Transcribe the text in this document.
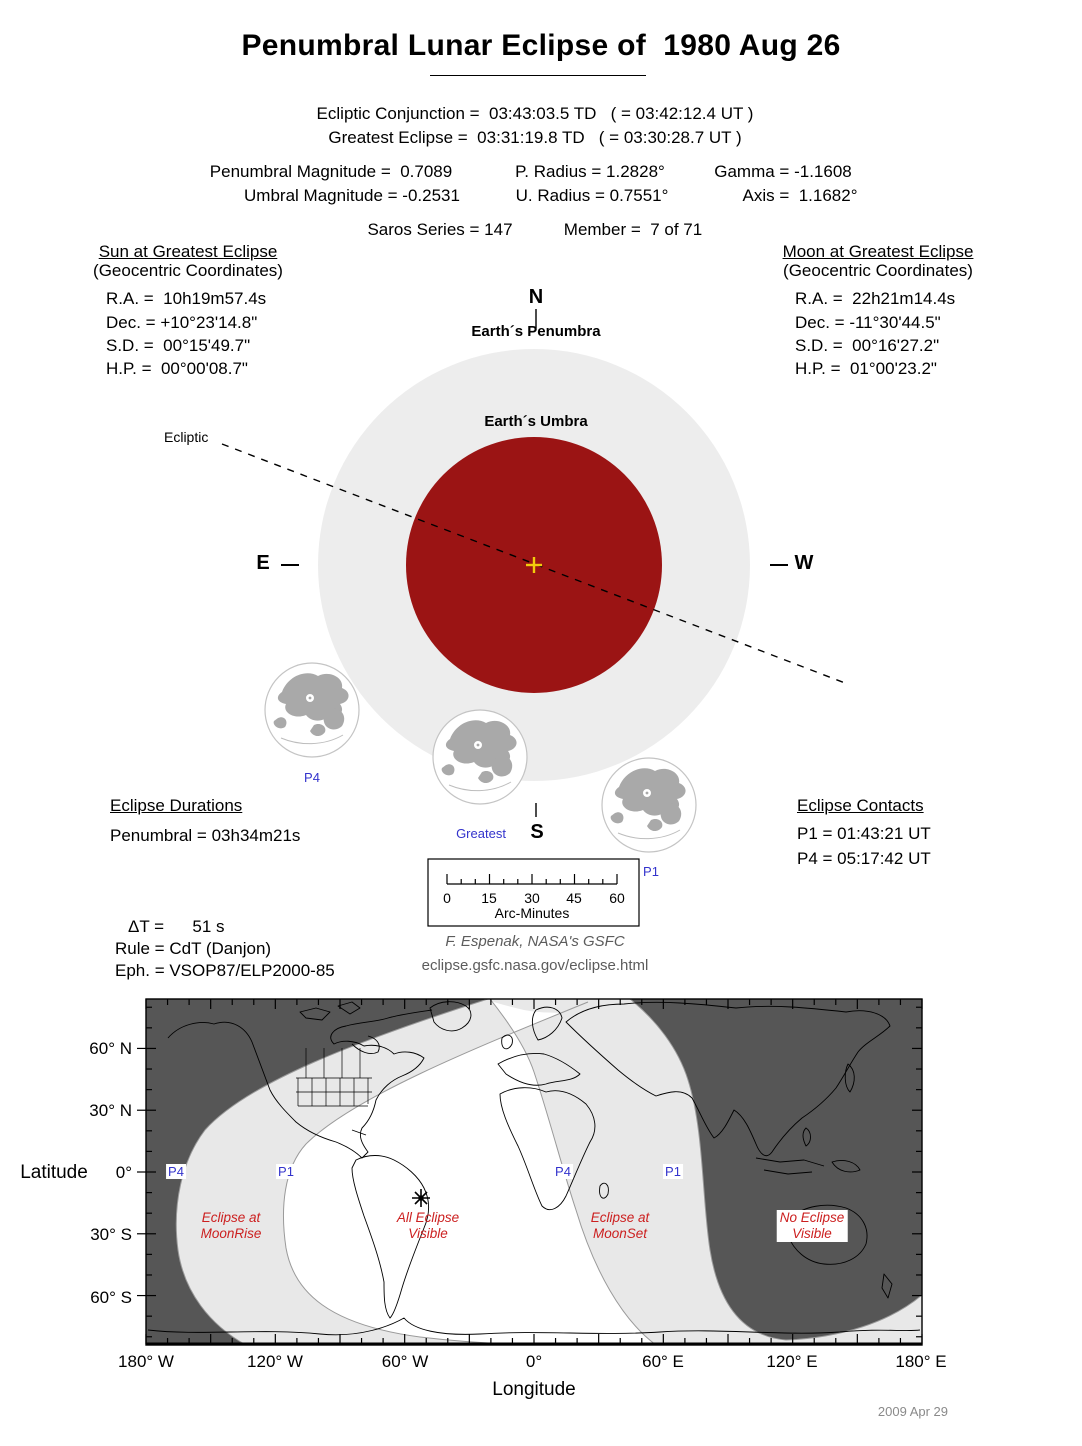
Penumbral Lunar Eclipse of  1980 Aug 26
Ecliptic Conjunction =  03:43:03.5 TD   ( = 03:42:12.4 UT )
Greatest Eclipse =  03:31:19.8 TD   ( = 03:30:28.7 UT )
Penumbral Magnitude =  0.7089	P. Radius = 1.2828°	Gamma = -1.1608
Umbral Magnitude = -0.2531	U. Radius = 0.7551°	Axis =  1.1682°
Saros Series = 147	Member =  7 of 71
Sun at Greatest Eclipse
(Geocentric Coordinates)
R.A. =  10h19m57.4s
Dec. = +10°23'14.8"
S.D. =  00°15'49.7"
H.P. =  00°00'08.7"
Moon at Greatest Eclipse
(Geocentric Coordinates)
R.A. =  22h21m14.4s
Dec. = -11°30'44.5"
S.D. =  00°16'27.2"
H.P. =  01°00'23.2"
N
Earth´s Penumbra
Earth´s Umbra
Ecliptic
E	W
P4
Greatest S
P1
0 15 30 45 60
Arc-Minutes
Eclipse Durations
Penumbral = 03h34m21s
Eclipse Contacts
P1 = 01:43:21 UT
P4 = 05:17:42 UT
ΔT =      51 s
Rule = CdT (Danjon)
Eph. = VSOP87/ELP2000-85
F. Espenak, NASA's GSFC
eclipse.gsfc.nasa.gov/eclipse.html
60° N
30° N
0°
30° S
60° S
Latitude
180° W	120° W	60° W	0°	60° E	120° E	180° E
Longitude
P4	P1	P4	P1
Eclipse at
MoonRise
All Eclipse
Visible
Eclipse at
MoonSet
No Eclipse
Visible
2009 Apr 29
